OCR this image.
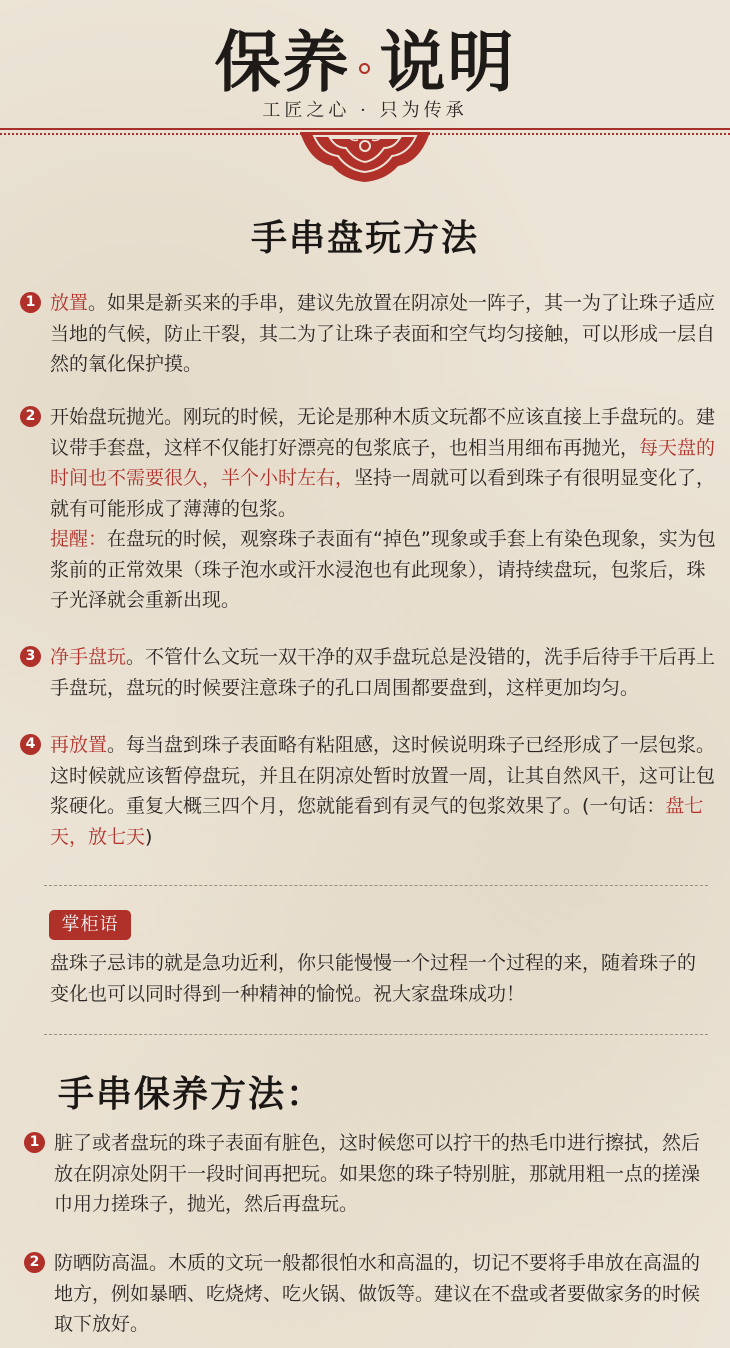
保养 说明
工匠之心 · 只为传承
手串盘玩方法
1 放置。如果是新买来的手串，建议先放置在阴凉处一阵子，其一为了让珠子适应当地的气候，防止干裂，其二为了让珠子表面和空气均匀接触，可以形成一层自然的氧化保护摸。
2 开始盘玩抛光。刚玩的时候，无论是那种木质文玩都不应该直接上手盘玩的。建议带手套盘，这样不仅能打好漂亮的包浆底子，也相当用细布再抛光，每天盘的时间也不需要很久，半个小时左右，坚持一周就可以看到珠子有很明显变化了，就有可能形成了薄薄的包浆。
提醒：在盘玩的时候，观察珠子表面有“掉色”现象或手套上有染色现象，实为包浆前的正常效果（珠子泡水或汗水浸泡也有此现象），请持续盘玩，包浆后，珠子光泽就会重新出现。
3 净手盘玩。不管什么文玩一双干净的双手盘玩总是没错的，洗手后待手干后再上手盘玩，盘玩的时候要注意珠子的孔口周围都要盘到，这样更加均匀。
4 再放置。每当盘到珠子表面略有粘阻感，这时候说明珠子已经形成了一层包浆。这时候就应该暂停盘玩，并且在阴凉处暂时放置一周，让其自然风干，这可让包浆硬化。重复大概三四个月，您就能看到有灵气的包浆效果了。(一句话：盘七天，放七天)
掌柜语
盘珠子忌讳的就是急功近利，你只能慢慢一个过程一个过程的来，随着珠子的变化也可以同时得到一种精神的愉悦。祝大家盘珠成功！
手串保养方法：
1 脏了或者盘玩的珠子表面有脏色，这时候您可以拧干的热毛巾进行擦拭，然后放在阴凉处阴干一段时间再把玩。如果您的珠子特别脏，那就用粗一点的搓澡巾用力搓珠子，抛光，然后再盘玩。
2 防晒防高温。木质的文玩一般都很怕水和高温的，切记不要将手串放在高温的地方，例如暴晒、吃烧烤、吃火锅、做饭等。建议在不盘或者要做家务的时候取下放好。
